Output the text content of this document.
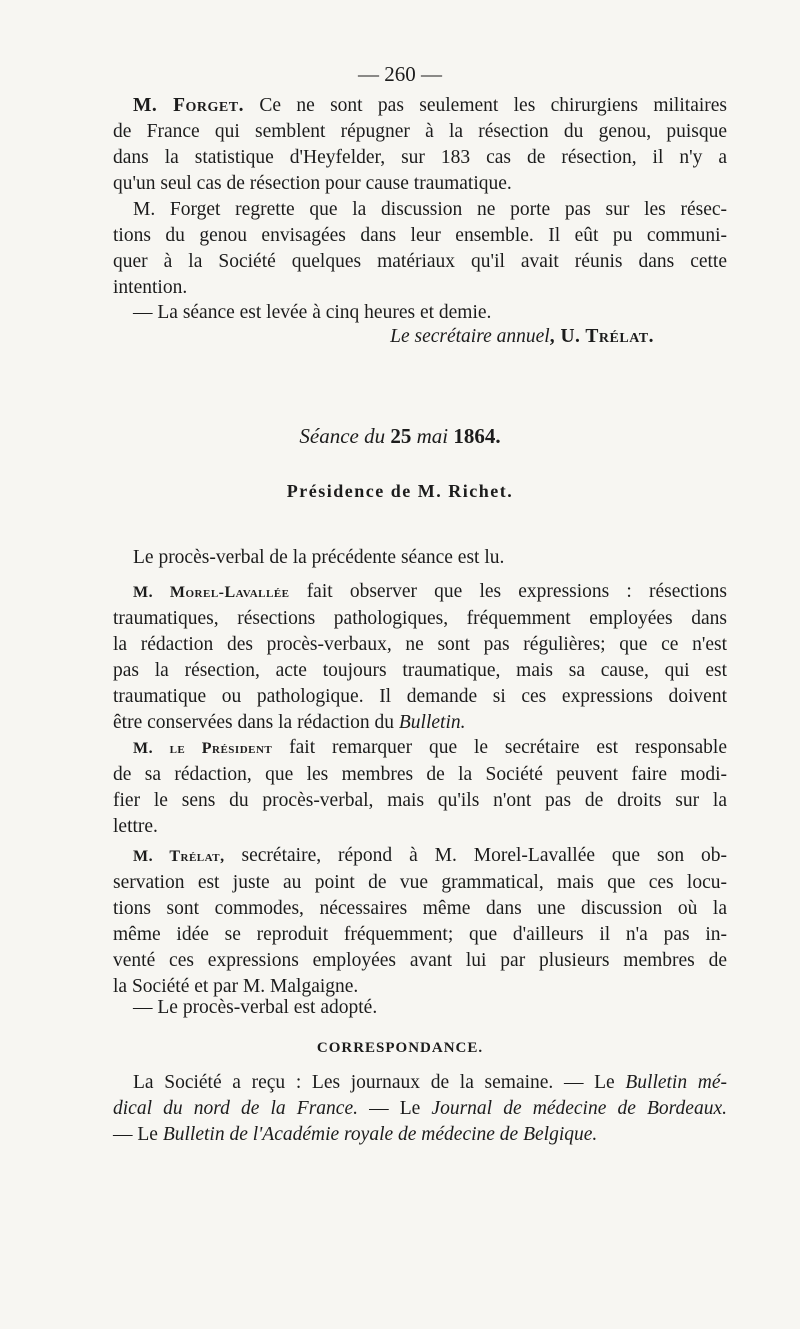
— 260 —
M. Forget. Ce ne sont pas seulement les chirurgiens militaires
de France qui semblent répugner à la résection du genou, puisque
dans la statistique d'Heyfelder, sur 183 cas de résection, il n'y a
qu'un seul cas de résection pour cause traumatique.
M. Forget regrette que la discussion ne porte pas sur les résec-
tions du genou envisagées dans leur ensemble. Il eût pu communi-
quer à la Société quelques matériaux qu'il avait réunis dans cette
intention.
— La séance est levée à cinq heures et demie.
Le secrétaire annuel, U. Trélat.
Séance du 25 mai 1864.
Présidence de M. Richet.
Le procès-verbal de la précédente séance est lu.
M. Morel-Lavallée fait observer que les expressions : résections
traumatiques, résections pathologiques, fréquemment employées dans
la rédaction des procès-verbaux, ne sont pas régulières; que ce n'est
pas la résection, acte toujours traumatique, mais sa cause, qui est
traumatique ou pathologique. Il demande si ces expressions doivent
être conservées dans la rédaction du Bulletin.
M. le Président fait remarquer que le secrétaire est responsable
de sa rédaction, que les membres de la Société peuvent faire modi-
fier le sens du procès-verbal, mais qu'ils n'ont pas de droits sur la
lettre.
M. Trélat, secrétaire, répond à M. Morel-Lavallée que son ob-
servation est juste au point de vue grammatical, mais que ces locu-
tions sont commodes, nécessaires même dans une discussion où la
même idée se reproduit fréquemment; que d'ailleurs il n'a pas in-
venté ces expressions employées avant lui par plusieurs membres de
la Société et par M. Malgaigne.
— Le procès-verbal est adopté.
CORRESPONDANCE.
La Société a reçu : Les journaux de la semaine. — Le Bulletin mé-
dical du nord de la France. — Le Journal de médecine de Bordeaux.
— Le Bulletin de l'Académie royale de médecine de Belgique.
